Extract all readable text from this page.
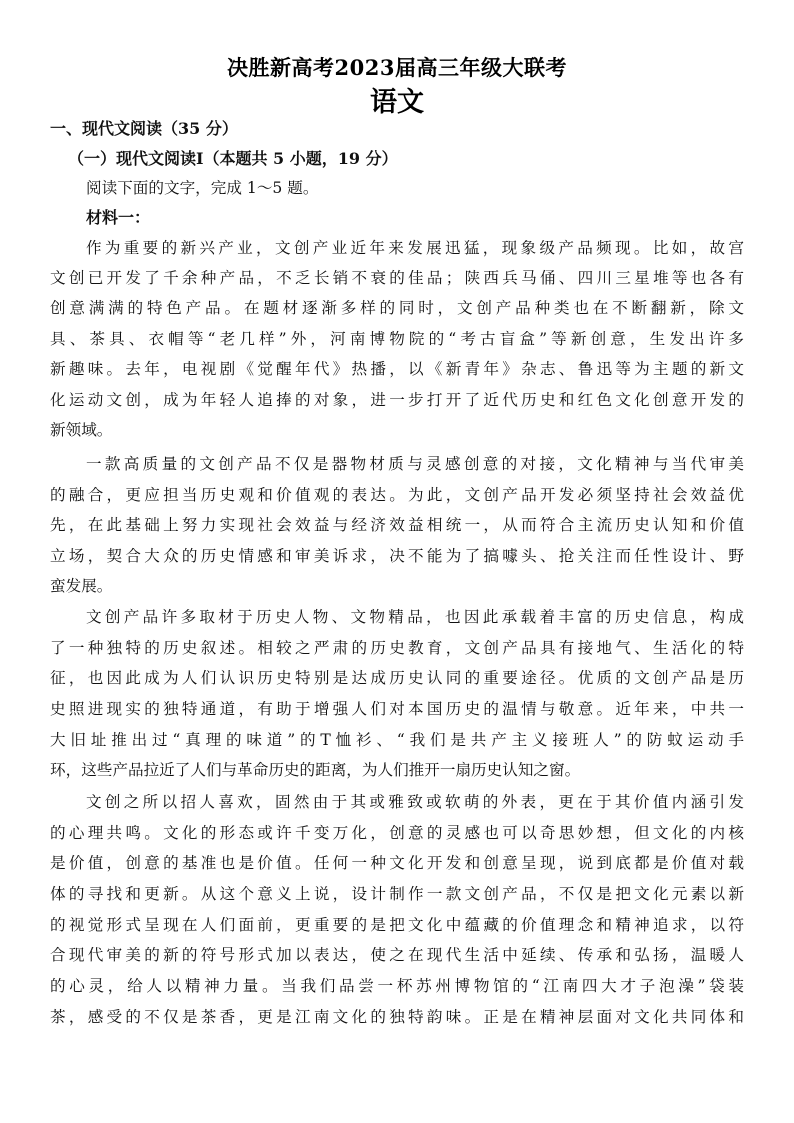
决胜新高考2023届高三年级大联考
语文

一、现代文阅读（35 分）

（一）现代文阅读Ⅰ（本题共 5 小题，19 分）

阅读下面的文字，完成 1～5 题。

材料一：

作为重要的新兴产业，文创产业近年来发展迅猛，现象级产品频现。比如，故宫

文创已开发了千余种产品，不乏长销不衰的佳品；陕西兵马俑、四川三星堆等也各有

创意满满的特色产品。在题材逐渐多样的同时，文创产品种类也在不断翻新，除文

具、茶具、衣帽等“老几样”外，河南博物院的“考古盲盒”等新创意，生发出许多

新趣味。去年，电视剧《觉醒年代》热播，以《新青年》杂志、鲁迅等为主题的新文

化运动文创，成为年轻人追捧的对象，进一步打开了近代历史和红色文化创意开发的

新领域。

一款高质量的文创产品不仅是器物材质与灵感创意的对接，文化精神与当代审美

的融合，更应担当历史观和价值观的表达。为此，文创产品开发必须坚持社会效益优

先，在此基础上努力实现社会效益与经济效益相统一，从而符合主流历史认知和价值

立场，契合大众的历史情感和审美诉求，决不能为了搞噱头、抢关注而任性设计、野

蛮发展。

文创产品许多取材于历史人物、文物精品，也因此承载着丰富的历史信息，构成

了一种独特的历史叙述。相较之严肃的历史教育，文创产品具有接地气、生活化的特

征，也因此成为人们认识历史特别是达成历史认同的重要途径。优质的文创产品是历

史照进现实的独特通道，有助于增强人们对本国历史的温情与敬意。近年来，中共一

大旧址推出过“真理的味道”的T恤衫、“我们是共产主义接班人”的防蚊运动手

环，这些产品拉近了人们与革命历史的距离，为人们推开一扇历史认知之窗。

文创之所以招人喜欢，固然由于其或雅致或软萌的外表，更在于其价值内涵引发

的心理共鸣。文化的形态或许千变万化，创意的灵感也可以奇思妙想，但文化的内核

是价值，创意的基准也是价值。任何一种文化开发和创意呈现，说到底都是价值对载

体的寻找和更新。从这个意义上说，设计制作一款文创产品，不仅是把文化元素以新

的视觉形式呈现在人们面前，更重要的是把文化中蕴藏的价值理念和精神追求，以符

合现代审美的新的符号形式加以表达，使之在现代生活中延续、传承和弘扬，温暖人

的心灵，给人以精神力量。当我们品尝一杯苏州博物馆的“江南四大才子泡澡”袋装

茶，感受的不仅是茶香，更是江南文化的独特韵味。正是在精神层面对文化共同体和
